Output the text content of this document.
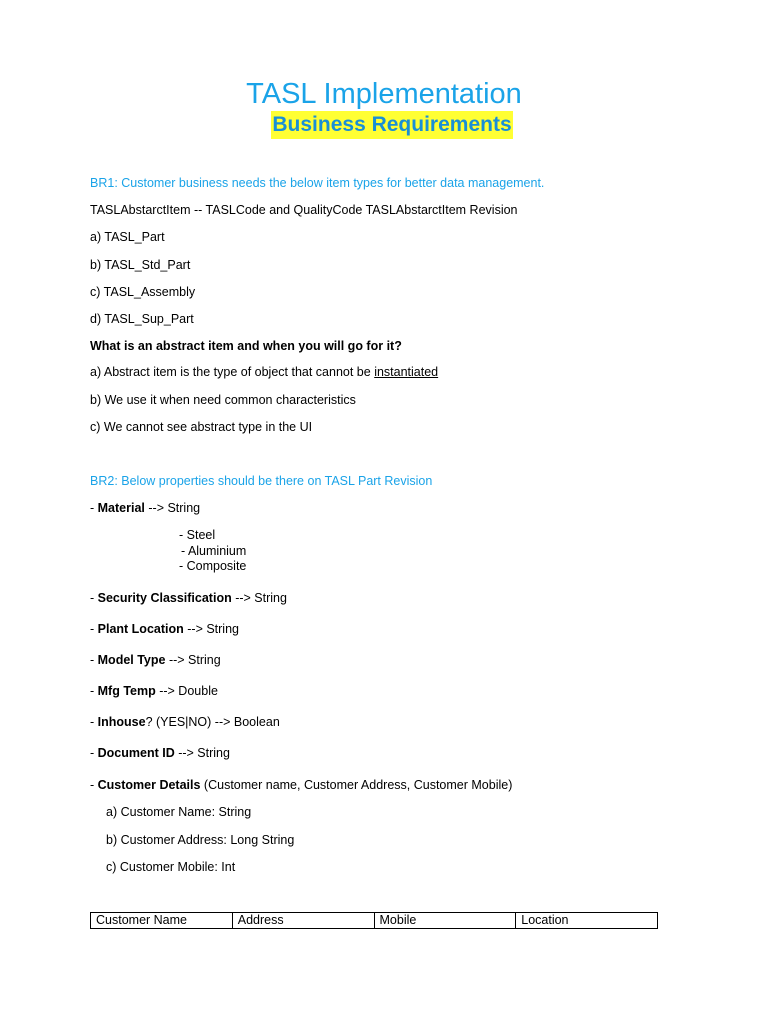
TASL Implementation
Business Requirements
BR1: Customer business needs the below item types for better data management.
TASLAbstarctItem -- TASLCode and QualityCode TASLAbstarctItem Revision
a) TASL_Part
b) TASL_Std_Part
c) TASL_Assembly
d) TASL_Sup_Part
What is an abstract item and when you will go for it?
a) Abstract item is the type of object that cannot be instantiated
b) We use it when need common characteristics
c) We cannot see abstract type in the UI
BR2: Below properties should be there on TASL Part Revision
- Material --> String
- Steel
- Aluminium
- Composite
- Security Classification --> String
- Plant Location --> String
- Model Type --> String
- Mfg Temp --> Double
- Inhouse? (YES|NO) --> Boolean
- Document ID --> String
- Customer Details (Customer name, Customer Address, Customer Mobile)
a) Customer Name: String
b) Customer Address: Long String
c) Customer Mobile: Int
Customer Name	Address	Mobile	Location
